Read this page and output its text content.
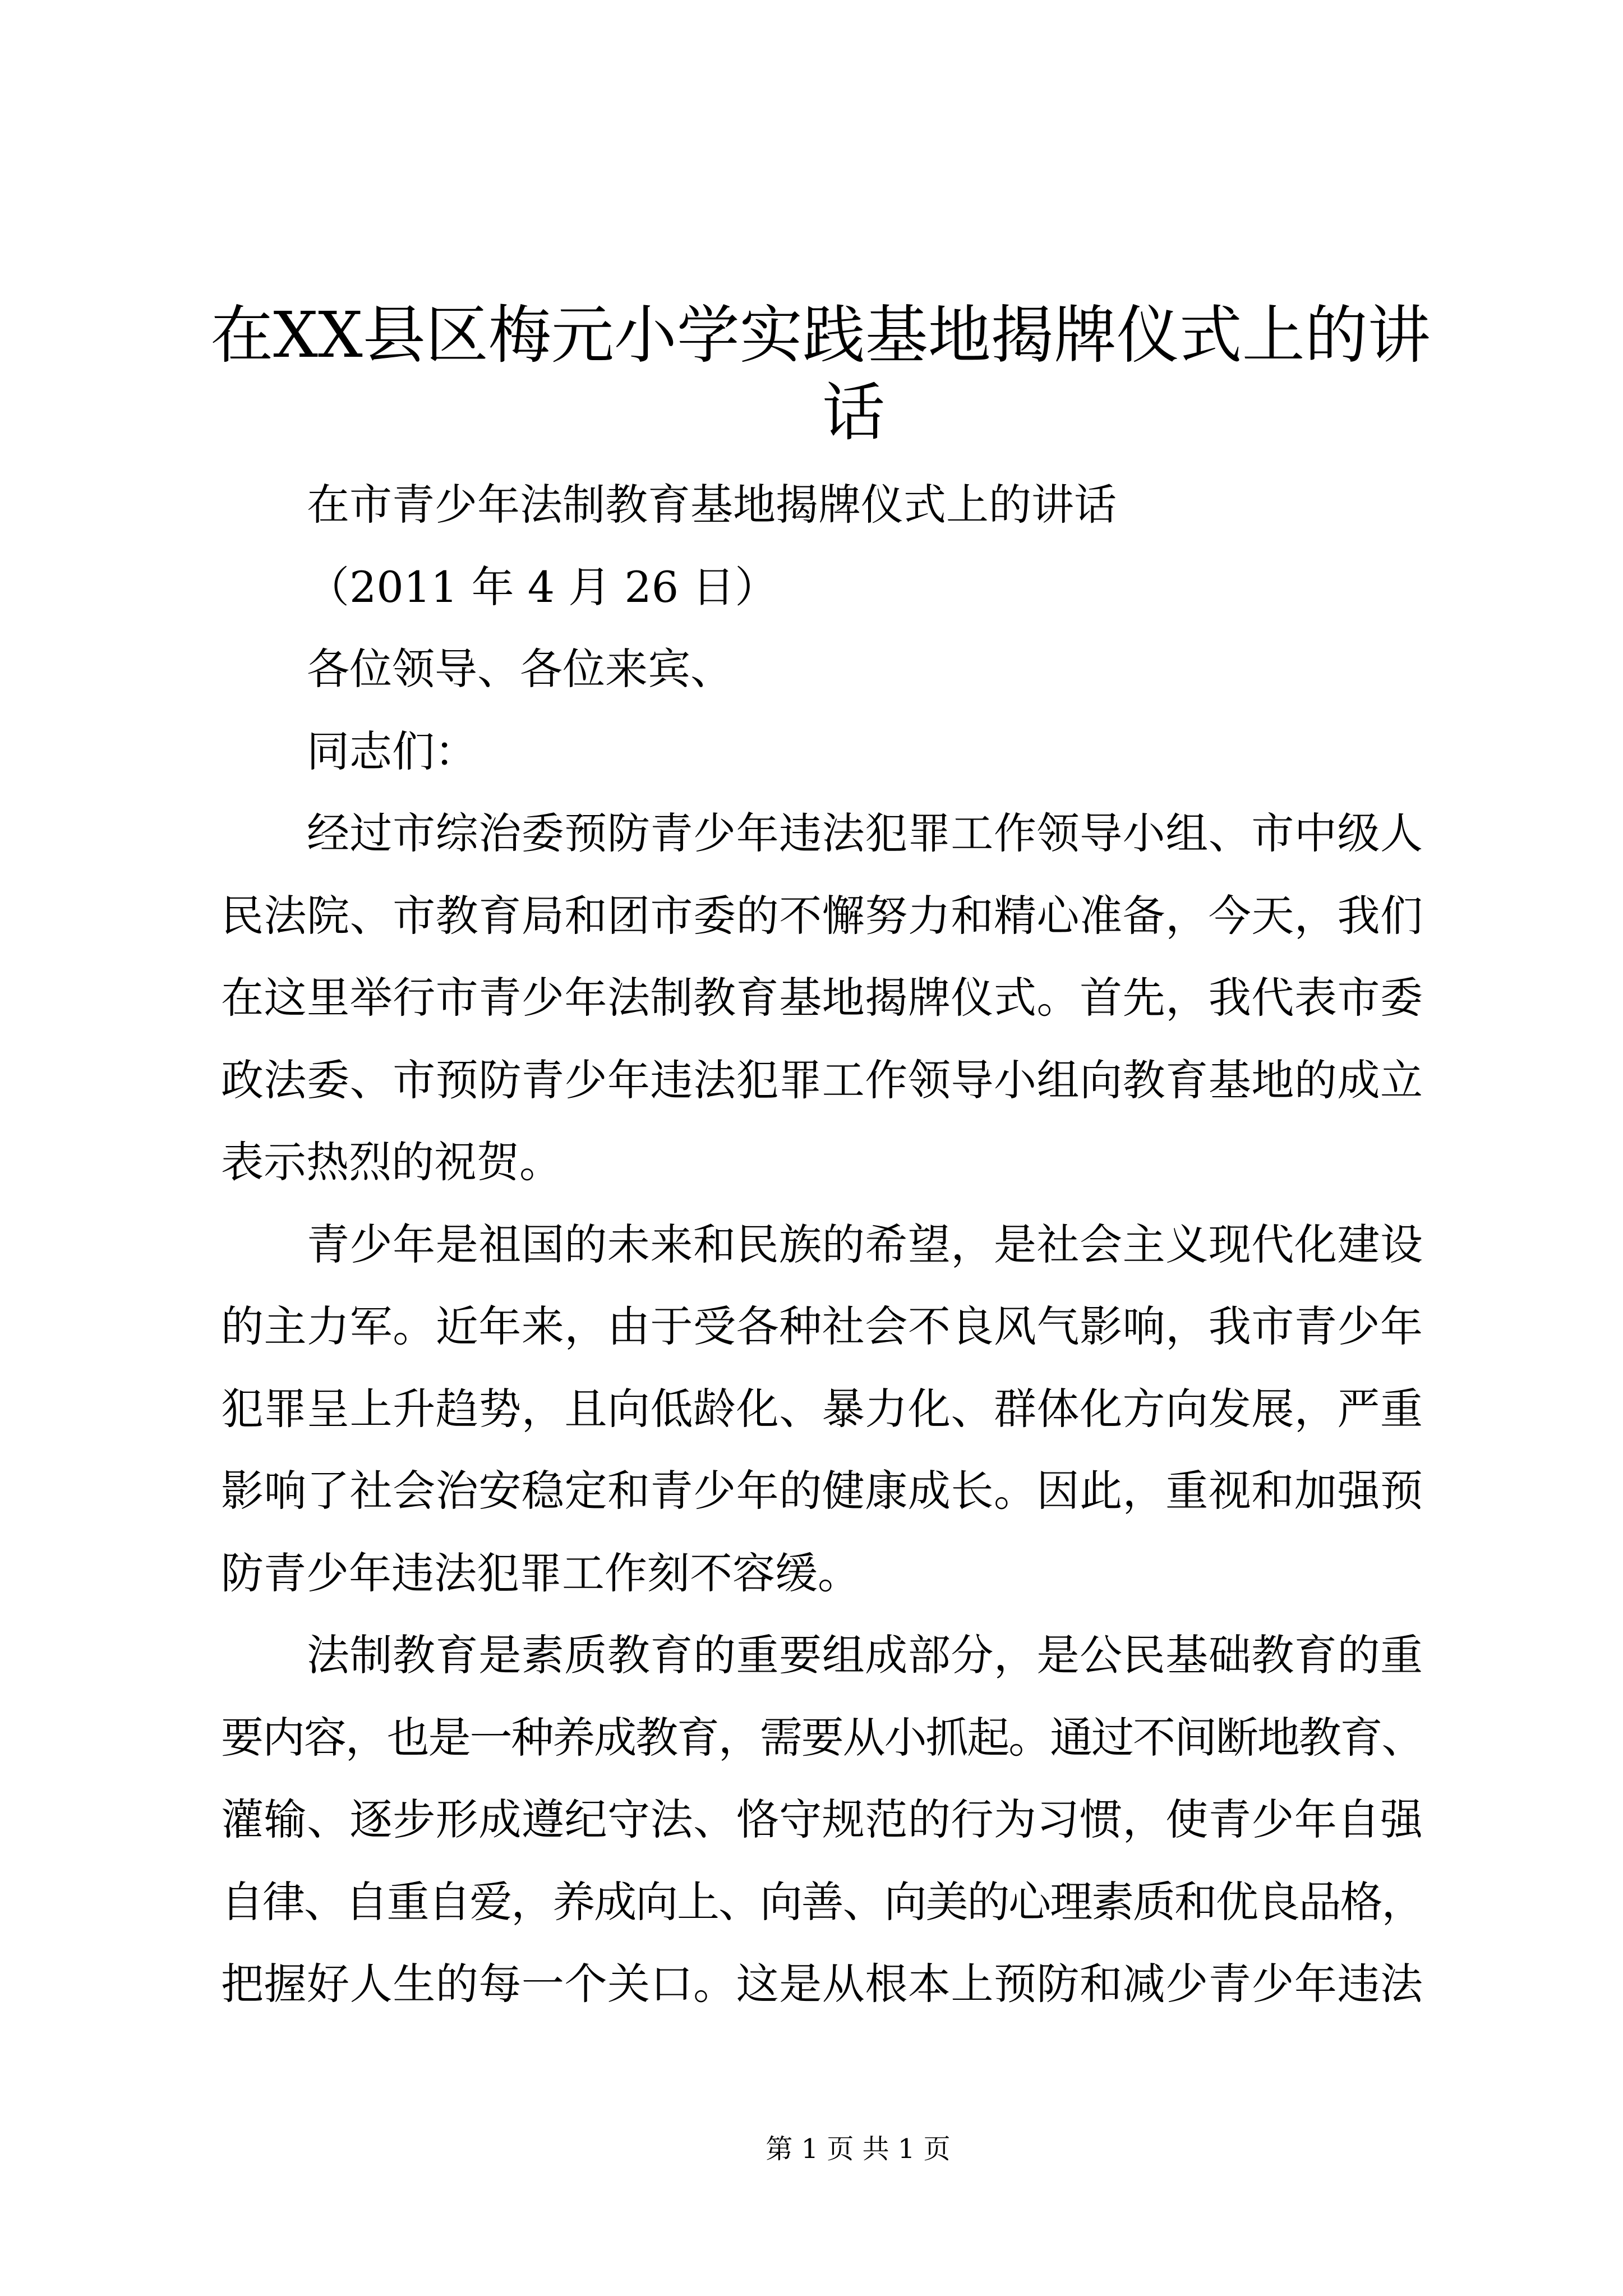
在XX县区梅元小学实践基地揭牌仪式上的讲
话
在市青少年法制教育基地揭牌仪式上的讲话
（2011 年 4 月 26 日）
各位领导、各位来宾、
同志们：
经过市综治委预防青少年违法犯罪工作领导小组、市中级人
民法院、市教育局和团市委的不懈努力和精心准备，今天，我们
在这里举行市青少年法制教育基地揭牌仪式。首先，我代表市委
政法委、市预防青少年违法犯罪工作领导小组向教育基地的成立
表示热烈的祝贺。
青少年是祖国的未来和民族的希望，是社会主义现代化建设
的主力军。近年来，由于受各种社会不良风气影响，我市青少年
犯罪呈上升趋势，且向低龄化、暴力化、群体化方向发展，严重
影响了社会治安稳定和青少年的健康成长。因此，重视和加强预
防青少年违法犯罪工作刻不容缓。
法制教育是素质教育的重要组成部分，是公民基础教育的重
要内容，也是一种养成教育，需要从小抓起。通过不间断地教育、
灌输、逐步形成遵纪守法、恪守规范的行为习惯，使青少年自强
自律、自重自爱，养成向上、向善、向美的心理素质和优良品格，
把握好人生的每一个关口。这是从根本上预防和减少青少年违法
第 1 页 共 1 页
